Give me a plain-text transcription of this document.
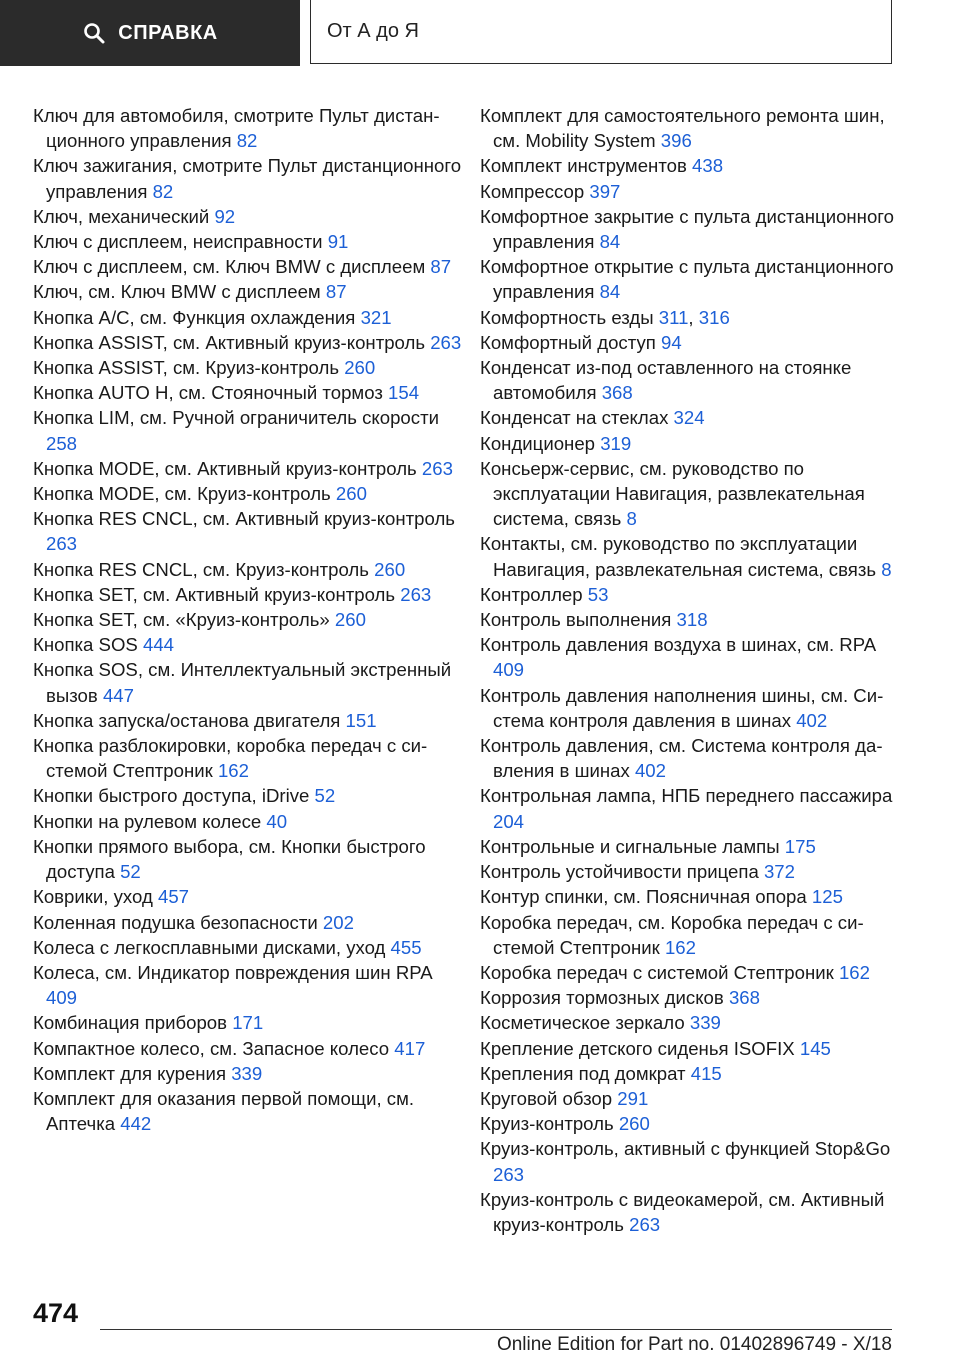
СПРАВКА	От А до Я

Ключ для автомобиля, смотрите Пульт дистанционного управления 82

Ключ зажигания, смотрите Пульт дистанционного управления 82

Ключ, механический 92

Ключ с дисплеем, неисправности 91

Ключ с дисплеем, см. Ключ BMW с дисплеем 87

Ключ, см. Ключ BMW с дисплеем 87

Кнопка A/C, см. Функция охлаждения 321

Кнопка ASSIST, см. Активный круиз-контроль 263

Кнопка ASSIST, см. Круиз-контроль 260

Кнопка AUTO H, см. Стояночный тормоз 154

Кнопка LIM, см. Ручной ограничитель скорости 258

Кнопка MODE, см. Активный круиз-контроль 263

Кнопка MODE, см. Круиз-контроль 260

Кнопка RES CNCL, см. Активный круиз-контроль 263

Кнопка RES CNCL, см. Круиз-контроль 260

Кнопка SET, см. Активный круиз-контроль 263

Кнопка SET, см. «Круиз-контроль» 260

Кнопка SOS 444

Кнопка SOS, см. Интеллектуальный экстренный вызов 447

Кнопка запуска/останова двигателя 151

Кнопка разблокировки, коробка передач с системой Стептроник 162

Кнопки быстрого доступа, iDrive 52

Кнопки на рулевом колесе 40

Кнопки прямого выбора, см. Кнопки быстрого доступа 52

Коврики, уход 457

Коленная подушка безопасности 202

Колеса с легкосплавными дисками, уход 455

Колеса, см. Индикатор повреждения шин RPA 409

Комбинация приборов 171

Компактное колесо, см. Запасное колесо 417

Комплект для курения 339

Комплект для оказания первой помощи, см. Аптечка 442

Комплект для самостоятельного ремонта шин, см. Mobility System 396

Комплект инструментов 438

Компрессор 397

Комфортное закрытие с пульта дистанционного управления 84

Комфортное открытие с пульта дистанционного управления 84

Комфортность езды 311, 316

Комфортный доступ 94

Конденсат из-под оставленного на стоянке автомобиля 368

Конденсат на стеклах 324

Кондиционер 319

Консьерж-сервис, см. руководство по эксплуатации Навигация, развлекательная система, связь 8

Контакты, см. руководство по эксплуатации Навигация, развлекательная система, связь 8

Контроллер 53

Контроль выполнения 318

Контроль давления воздуха в шинах, см. RPA 409

Контроль давления наполнения шины, см. Система контроля давления в шинах 402

Контроль давления, см. Система контроля давления в шинах 402

Контрольная лампа, НПБ переднего пассажира 204

Контрольные и сигнальные лампы 175

Контроль устойчивости прицепа 372

Контур спинки, см. Поясничная опора 125

Коробка передач, см. Коробка передач с системой Стептроник 162

Коробка передач с системой Стептроник 162

Коррозия тормозных дисков 368

Косметическое зеркало 339

Крепление детского сиденья ISOFIX 145

Крепления под домкрат 415

Круговой обзор 291

Круиз-контроль 260

Круиз-контроль, активный с функцией Stop&Go 263

Круиз-контроль с видеокамерой, см. Активный круиз-контроль 263

474
Online Edition for Part no. 01402896749 - X/18
